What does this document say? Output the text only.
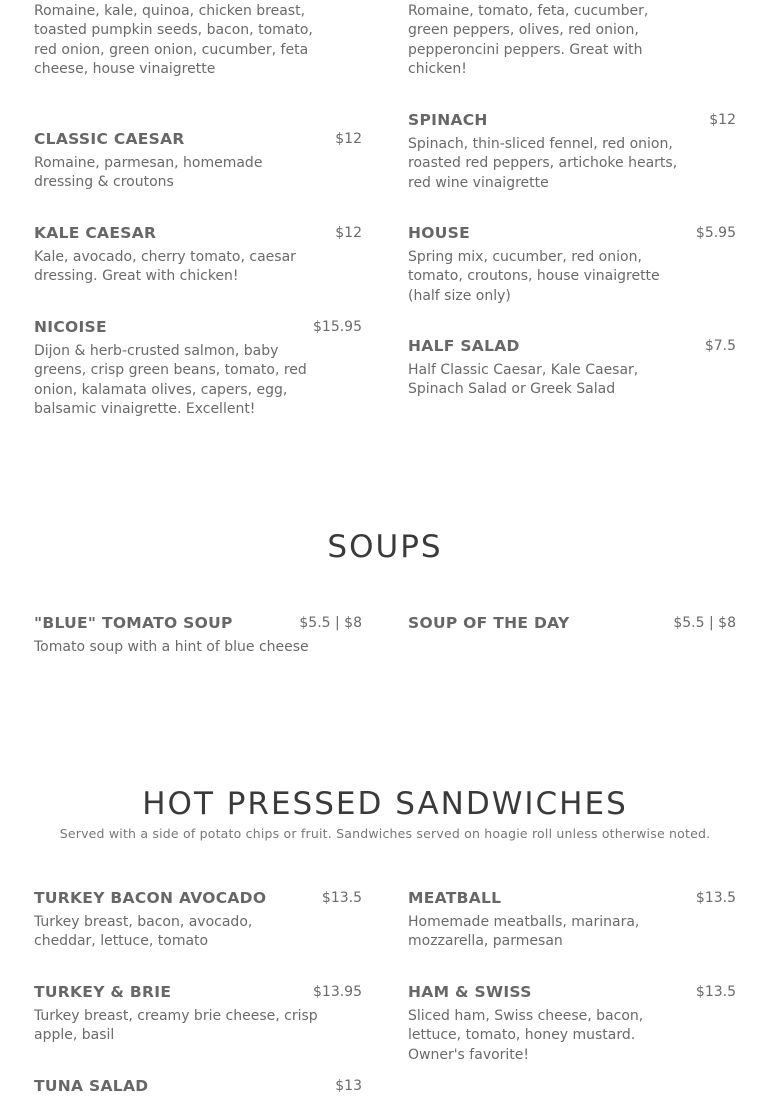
Romaine, kale, quinoa, chicken breast, toasted pumpkin seeds, bacon, tomato, red onion, green onion, cucumber, feta cheese, house vinaigrette
Romaine, tomato, feta, cucumber, green peppers, olives, red onion, pepperoncini peppers. Great with chicken!
CLASSIC CAESAR	$12
Romaine, parmesan, homemade dressing & croutons
KALE CAESAR	$12
Kale, avocado, cherry tomato, caesar dressing. Great with chicken!
NICOISE	$15.95
Dijon & herb-crusted salmon, baby greens, crisp green beans, tomato, red onion, kalamata olives, capers, egg, balsamic vinaigrette. Excellent!
SPINACH	$12
Spinach, thin-sliced fennel, red onion, roasted red peppers, artichoke hearts, red wine vinaigrette
HOUSE	$5.95
Spring mix, cucumber, red onion, tomato, croutons, house vinaigrette (half size only)
HALF SALAD	$7.5
Half Classic Caesar, Kale Caesar, Spinach Salad or Greek Salad
SOUPS
"BLUE" TOMATO SOUP	$5.5 | $8
Tomato soup with a hint of blue cheese
SOUP OF THE DAY	$5.5 | $8
HOT PRESSED SANDWICHES
Served with a side of potato chips or fruit. Sandwiches served on hoagie roll unless otherwise noted.
TURKEY BACON AVOCADO	$13.5
Turkey breast, bacon, avocado, cheddar, lettuce, tomato
TURKEY & BRIE	$13.95
Turkey breast, creamy brie cheese, crisp apple, basil
TUNA SALAD	$13
MEATBALL	$13.5
Homemade meatballs, marinara, mozzarella, parmesan
HAM & SWISS	$13.5
Sliced ham, Swiss cheese, bacon, lettuce, tomato, honey mustard. Owner's favorite!
